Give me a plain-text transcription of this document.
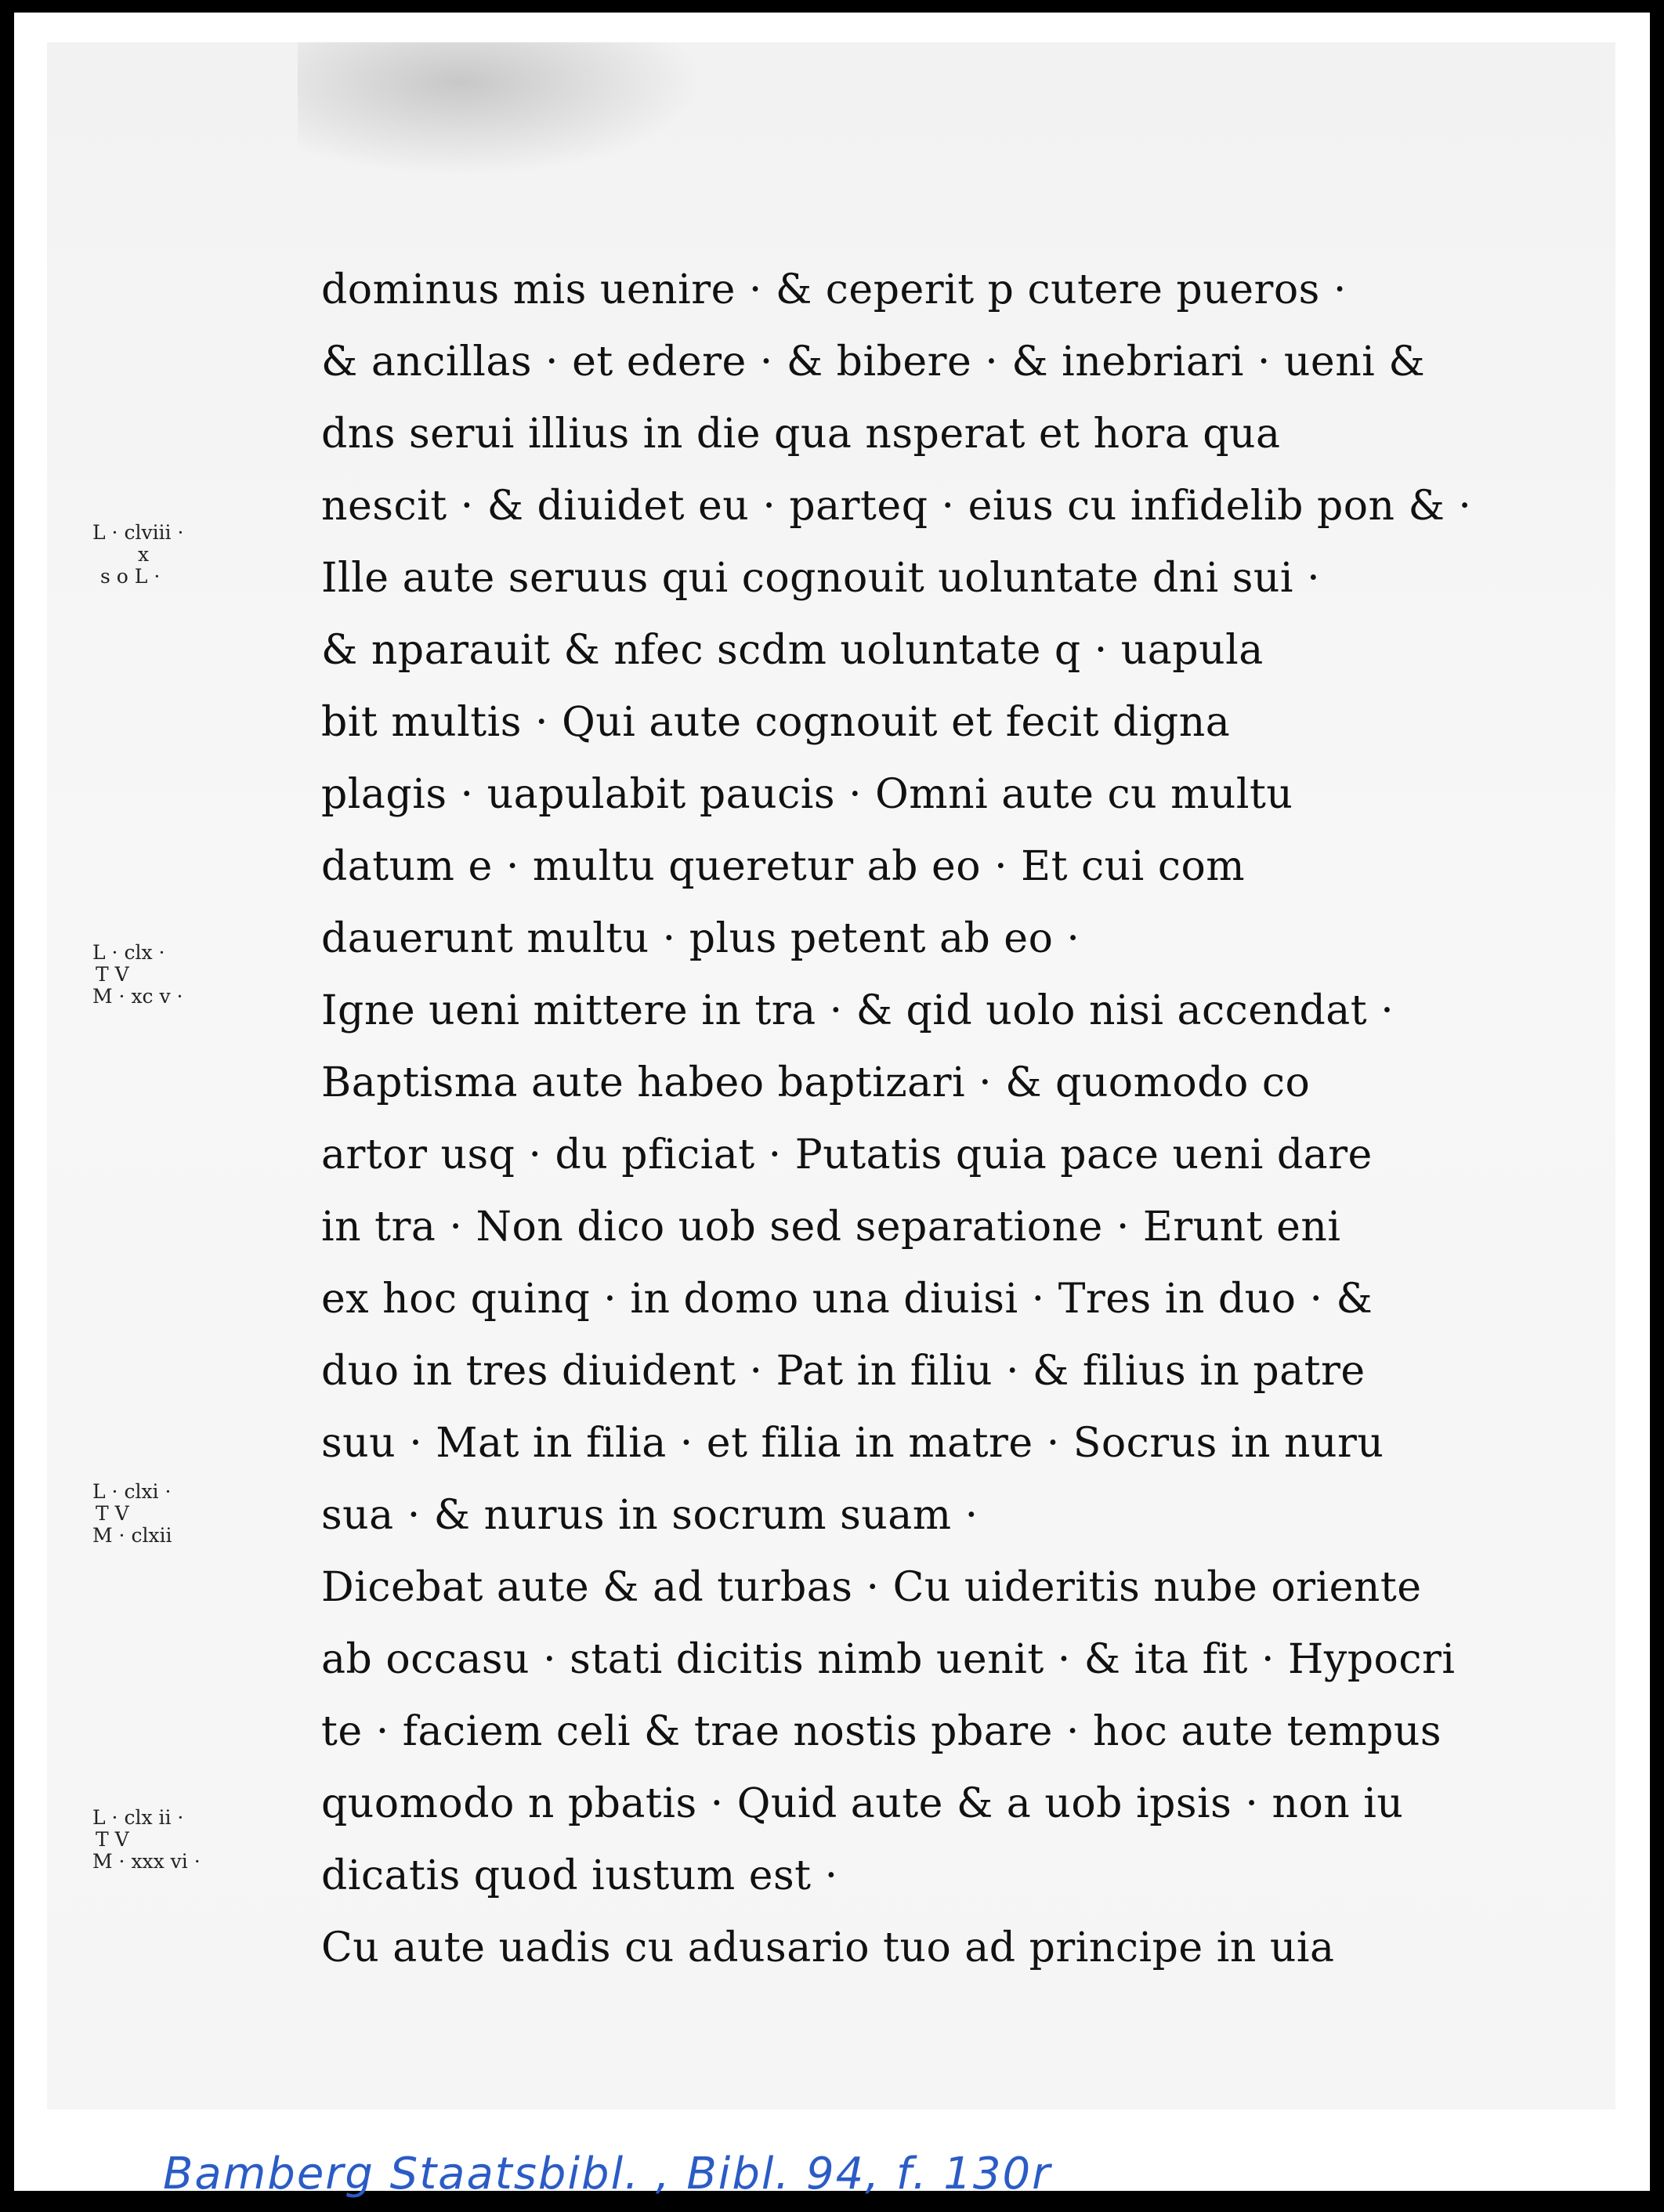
dominus mis uenire · & ceperit p cutere pueros ·
& ancillas · et edere · & bibere · & inebriari · ueni &
dns serui illius in die qua nsperat et hora qua
nescit · & diuidet eu · parteq · eius cu infidelib pon & ·
Ille aute seruus qui cognouit uoluntate dni sui ·
& nparauit & nfec scdm uoluntate q · uapula
bit multis · Qui aute cognouit et fecit digna
plagis · uapulabit paucis · Omni aute cu multu
datum e · multu queretur ab eo · Et cui com
dauerunt multu · plus petent ab eo ·
Igne ueni mittere in tra · & qid uolo nisi accendat ·
Baptisma aute habeo baptizari · & quomodo co
artor usq · du pficiat · Putatis quia pace ueni dare
in tra · Non dico uob sed separatione · Erunt eni
ex hoc quinq · in domo una diuisi · Tres in duo · &
duo in tres diuident · Pat in filiu · & filius in patre
suu · Mat in filia · et filia in matre · Socrus in nuru
sua · & nurus in socrum suam ·
Dicebat aute & ad turbas · Cu uideritis nube oriente
ab occasu · stati dicitis nimb uenit · & ita fit · Hypocri
te · faciem celi & trae nostis pbare · hoc aute tempus
quomodo n pbatis · Quid aute & a uob ipsis · non iu
dicatis quod iustum est ·
Cu aute uadis cu adusario tuo ad principe in uia
L · clviii ·
x
s o L ·
L · clx ·
T V
M · xc v ·
L · clxi ·
T V
M · clxii
L · clx ii ·
T V
M · xxx vi ·
Bamberg Staatsbibl. , Bibl. 94, f. 130r
